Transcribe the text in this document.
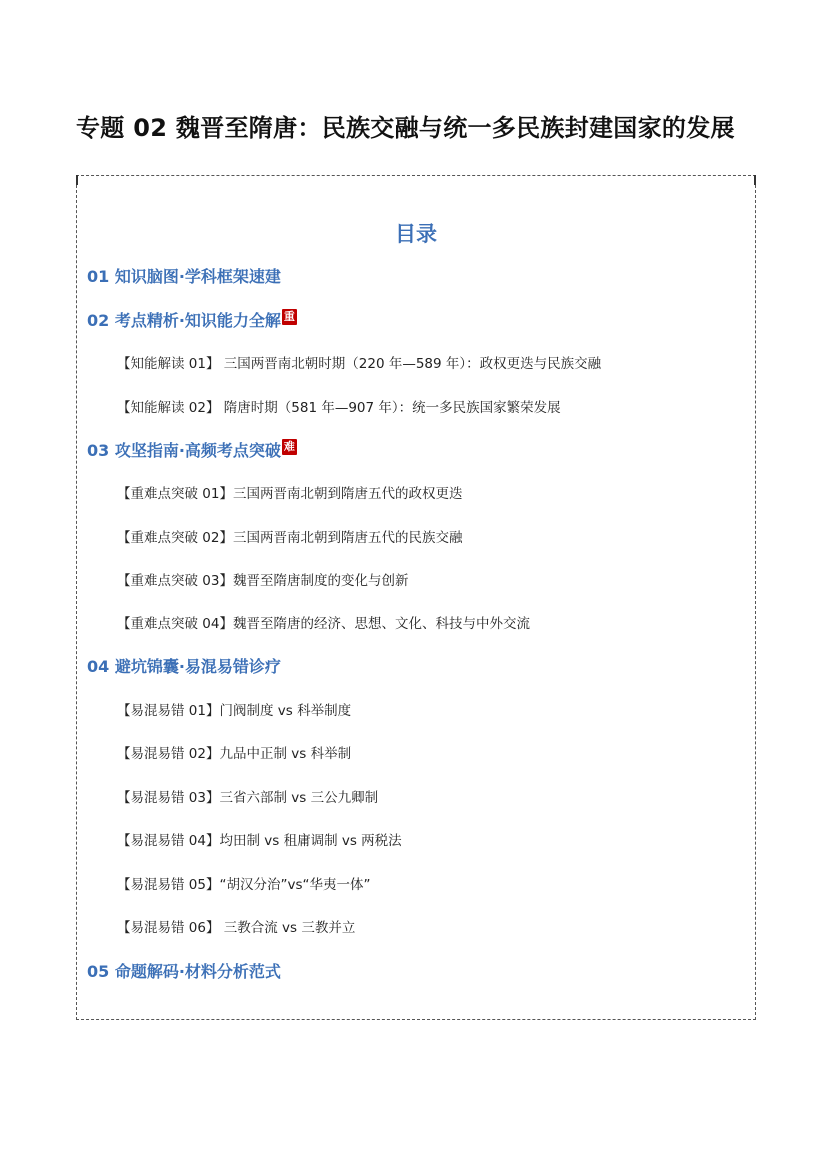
专题 02 魏晋至隋唐：民族交融与统一多民族封建国家的发展
目录
01 知识脑图·学科框架速建
02 考点精析·知识能力全解 重
【知能解读 01】 三国两晋南北朝时期（220 年—589 年）：政权更迭与民族交融
【知能解读 02】 隋唐时期（581 年—907 年）：统一多民族国家繁荣发展
03 攻坚指南·高频考点突破 难
【重难点突破 01】三国两晋南北朝到隋唐五代的政权更迭
【重难点突破 02】三国两晋南北朝到隋唐五代的民族交融
【重难点突破 03】魏晋至隋唐制度的变化与创新
【重难点突破 04】魏晋至隋唐的经济、思想、文化、科技与中外交流
04 避坑锦囊·易混易错诊疗
【易混易错 01】门阀制度 vs 科举制度
【易混易错 02】九品中正制 vs 科举制
【易混易错 03】三省六部制 vs 三公九卿制
【易混易错 04】均田制 vs 租庸调制 vs 两税法
【易混易错 05】“胡汉分治”vs“华夷一体”
【易混易错 06】 三教合流 vs 三教并立
05 命题解码·材料分析范式
